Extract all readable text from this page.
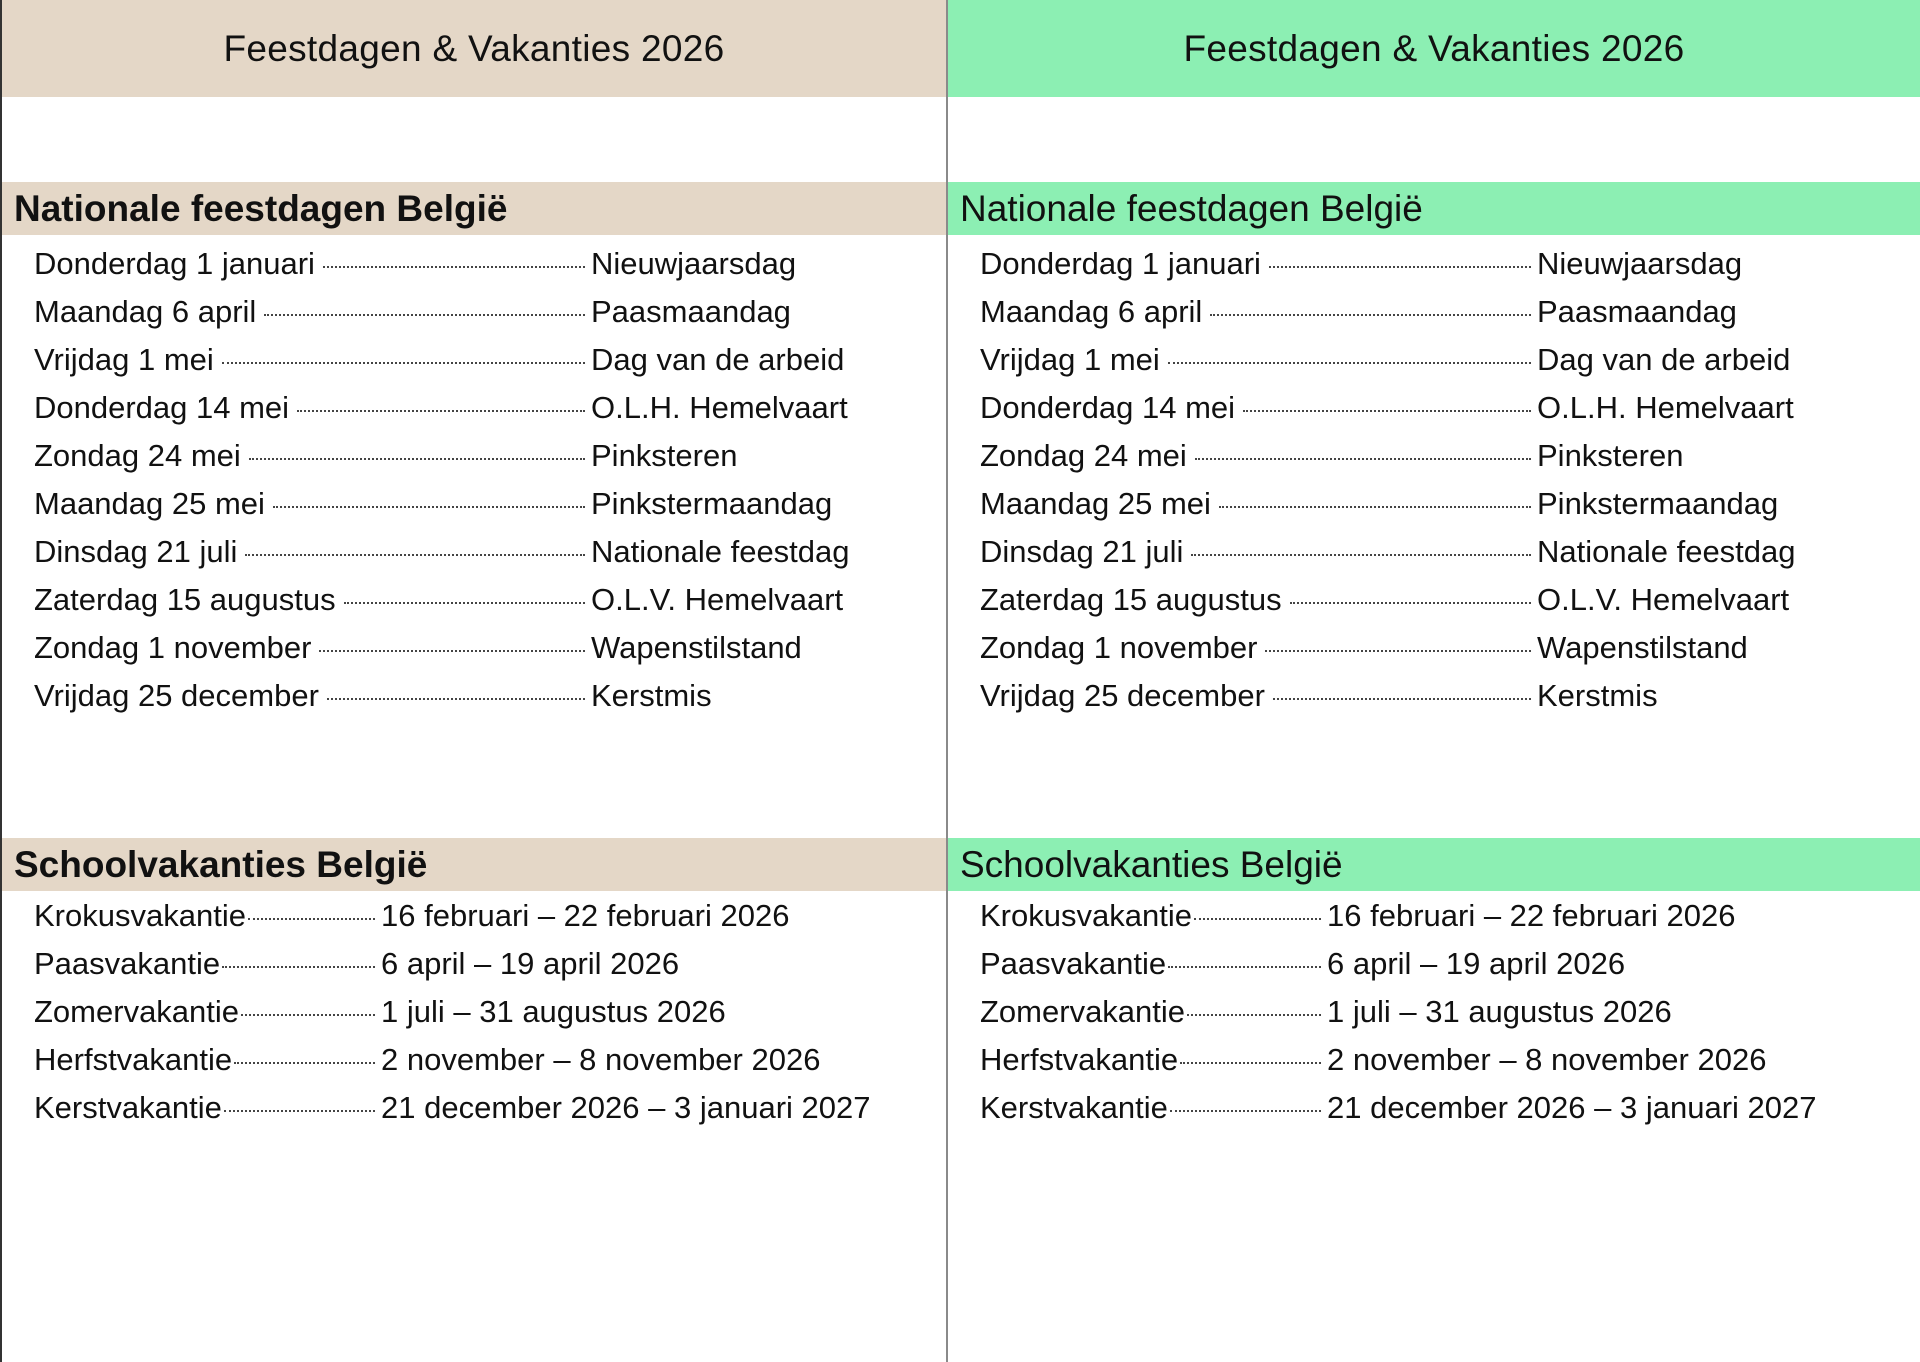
Feestdagen & Vakanties 2026
Nationale feestdagen België
Donderdag 1 januari	Nieuwjaarsdag
Maandag 6 april	Paasmaandag
Vrijdag 1 mei	Dag van de arbeid
Donderdag 14 mei	O.L.H. Hemelvaart
Zondag 24 mei	Pinksteren
Maandag 25 mei	Pinkstermaandag
Dinsdag 21 juli	Nationale feestdag
Zaterdag 15 augustus	O.L.V. Hemelvaart
Zondag 1 november	Wapenstilstand
Vrijdag 25 december	Kerstmis
Schoolvakanties België
Krokusvakantie	16 februari – 22 februari 2026
Paasvakantie	6 april – 19 april 2026
Zomervakantie	1 juli – 31 augustus 2026
Herfstvakantie	2 november – 8 november 2026
Kerstvakantie	21 december 2026 – 3 januari 2027
Feestdagen & Vakanties 2026
Nationale feestdagen België
Donderdag 1 januari	Nieuwjaarsdag
Maandag 6 april	Paasmaandag
Vrijdag 1 mei	Dag van de arbeid
Donderdag 14 mei	O.L.H. Hemelvaart
Zondag 24 mei	Pinksteren
Maandag 25 mei	Pinkstermaandag
Dinsdag 21 juli	Nationale feestdag
Zaterdag 15 augustus	O.L.V. Hemelvaart
Zondag 1 november	Wapenstilstand
Vrijdag 25 december	Kerstmis
Schoolvakanties België
Krokusvakantie	16 februari – 22 februari 2026
Paasvakantie	6 april – 19 april 2026
Zomervakantie	1 juli – 31 augustus 2026
Herfstvakantie	2 november – 8 november 2026
Kerstvakantie	21 december 2026 – 3 januari 2027
